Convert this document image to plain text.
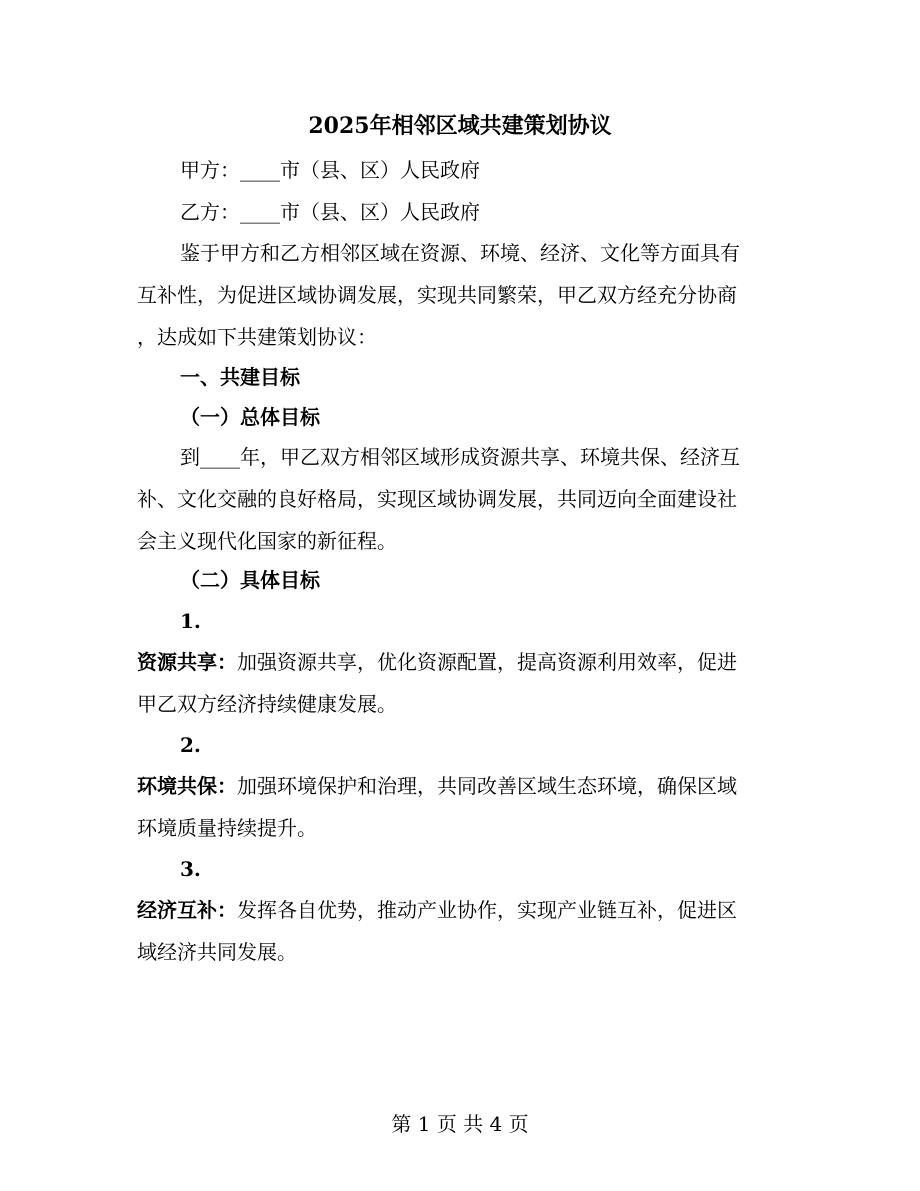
2025年相邻区域共建策划协议
甲方：____市（县、区）人民政府
乙方：____市（县、区）人民政府
鉴于甲方和乙方相邻区域在资源、环境、经济、文化等方面具有
互补性，为促进区域协调发展，实现共同繁荣，甲乙双方经充分协商
，达成如下共建策划协议：
一、共建目标
（一）总体目标
到____年，甲乙双方相邻区域形成资源共享、环境共保、经济互
补、文化交融的良好格局，实现区域协调发展，共同迈向全面建设社
会主义现代化国家的新征程。
（二）具体目标
1.
资源共享：加强资源共享，优化资源配置，提高资源利用效率，促进
甲乙双方经济持续健康发展。
2.
环境共保：加强环境保护和治理，共同改善区域生态环境，确保区域
环境质量持续提升。
3.
经济互补：发挥各自优势，推动产业协作，实现产业链互补，促进区
域经济共同发展。
第 1 页 共 4 页
